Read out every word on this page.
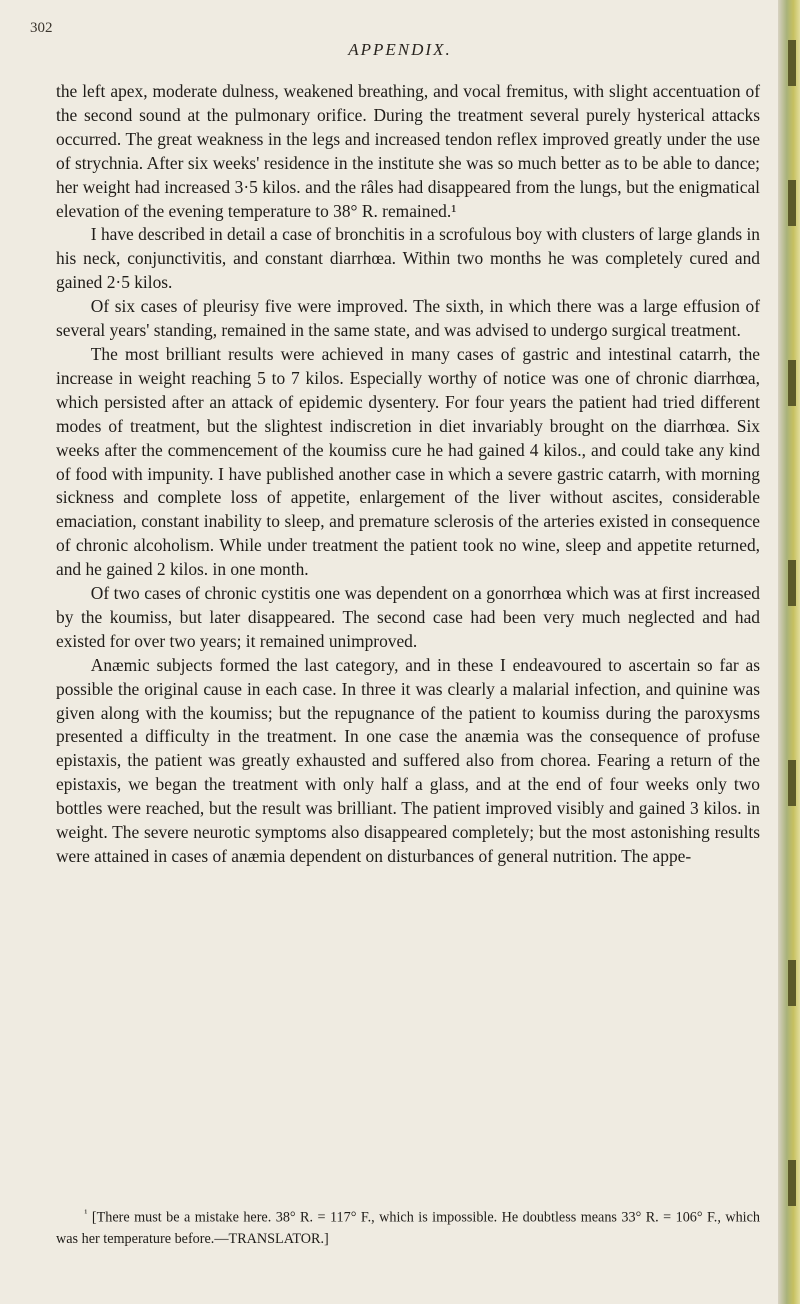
302
APPENDIX.

the left apex, moderate dulness, weakened breathing, and vocal fremitus, with slight accentuation of the second sound at the pulmonary orifice. During the treatment several purely hysterical attacks occurred. The great weakness in the legs and increased tendon reflex improved greatly under the use of strychnia. After six weeks' residence in the institute she was so much better as to be able to dance; her weight had increased 3·5 kilos. and the râles had disappeared from the lungs, but the enigmatical elevation of the evening temperature to 38° R. remained.¹

I have described in detail a case of bronchitis in a scrofulous boy with clusters of large glands in his neck, conjunctivitis, and constant diarrhœa. Within two months he was completely cured and gained 2·5 kilos.

Of six cases of pleurisy five were improved. The sixth, in which there was a large effusion of several years' standing, remained in the same state, and was advised to undergo surgical treatment.

The most brilliant results were achieved in many cases of gastric and intestinal catarrh, the increase in weight reaching 5 to 7 kilos. Especially worthy of notice was one of chronic diarrhœa, which persisted after an attack of epidemic dysentery. For four years the patient had tried different modes of treatment, but the slightest indiscretion in diet invariably brought on the diarrhœa. Six weeks after the commencement of the koumiss cure he had gained 4 kilos., and could take any kind of food with impunity. I have published another case in which a severe gastric catarrh, with morning sickness and complete loss of appetite, enlargement of the liver without ascites, considerable emaciation, constant inability to sleep, and premature sclerosis of the arteries existed in consequence of chronic alcoholism. While under treatment the patient took no wine, sleep and appetite returned, and he gained 2 kilos. in one month.

Of two cases of chronic cystitis one was dependent on a gonorrhœa which was at first increased by the koumiss, but later disappeared. The second case had been very much neglected and had existed for over two years; it remained unimproved.

Anæmic subjects formed the last category, and in these I endeavoured to ascertain so far as possible the original cause in each case. In three it was clearly a malarial infection, and quinine was given along with the koumiss; but the repugnance of the patient to koumiss during the paroxysms presented a difficulty in the treatment. In one case the anæmia was the consequence of profuse epistaxis, the patient was greatly exhausted and suffered also from chorea. Fearing a return of the epistaxis, we began the treatment with only half a glass, and at the end of four weeks only two bottles were reached, but the result was brilliant. The patient improved visibly and gained 3 kilos. in weight. The severe neurotic symptoms also disappeared completely; but the most astonishing results were attained in cases of anæmia dependent on disturbances of general nutrition. The appe-

$^{^1}$ [There must be a mistake here. 38° R. = 117° F., which is impossible. He doubtless means 33° R. = 106° F., which was her temperature before.—TRANSLATOR.]
